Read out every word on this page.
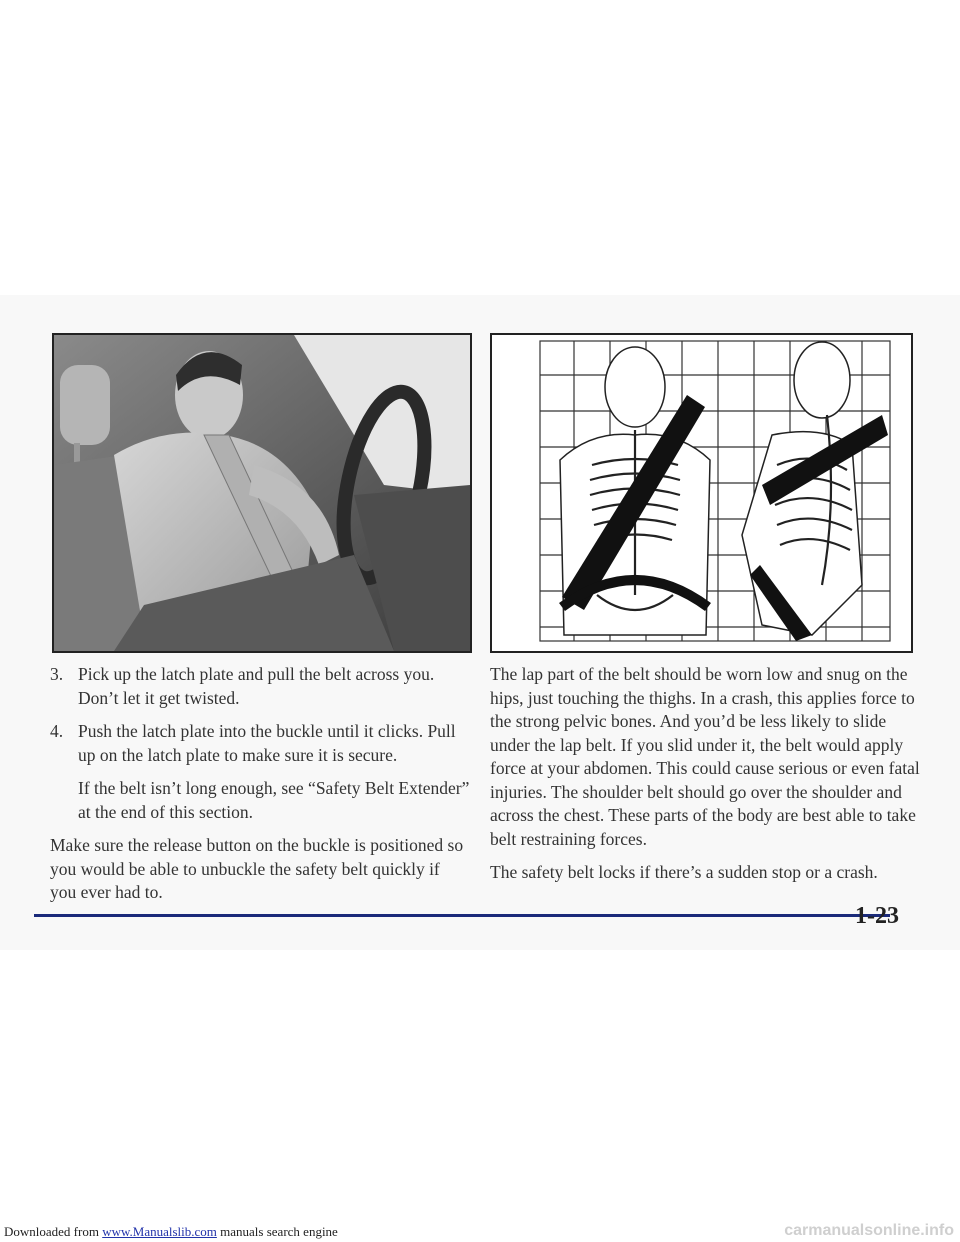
3. Pick up the latch plate and pull the belt across you. Don’t let it get twisted.
4. Push the latch plate into the buckle until it clicks. Pull up on the latch plate to make sure it is secure.

If the belt isn’t long enough, see “Safety Belt Extender” at the end of this section.

Make sure the release button on the buckle is positioned so you would be able to unbuckle the safety belt quickly if you ever had to.

The lap part of the belt should be worn low and snug on the hips, just touching the thighs. In a crash, this applies force to the strong pelvic bones. And you’d be less likely to slide under the lap belt. If you slid under it, the belt would apply force at your abdomen. This could cause serious or even fatal injuries. The shoulder belt should go over the shoulder and across the chest. These parts of the body are best able to take belt restraining forces.

The safety belt locks if there’s a sudden stop or a crash.

1-23
Downloaded from www.Manualslib.com manuals search engine	carmanualsonline.info
